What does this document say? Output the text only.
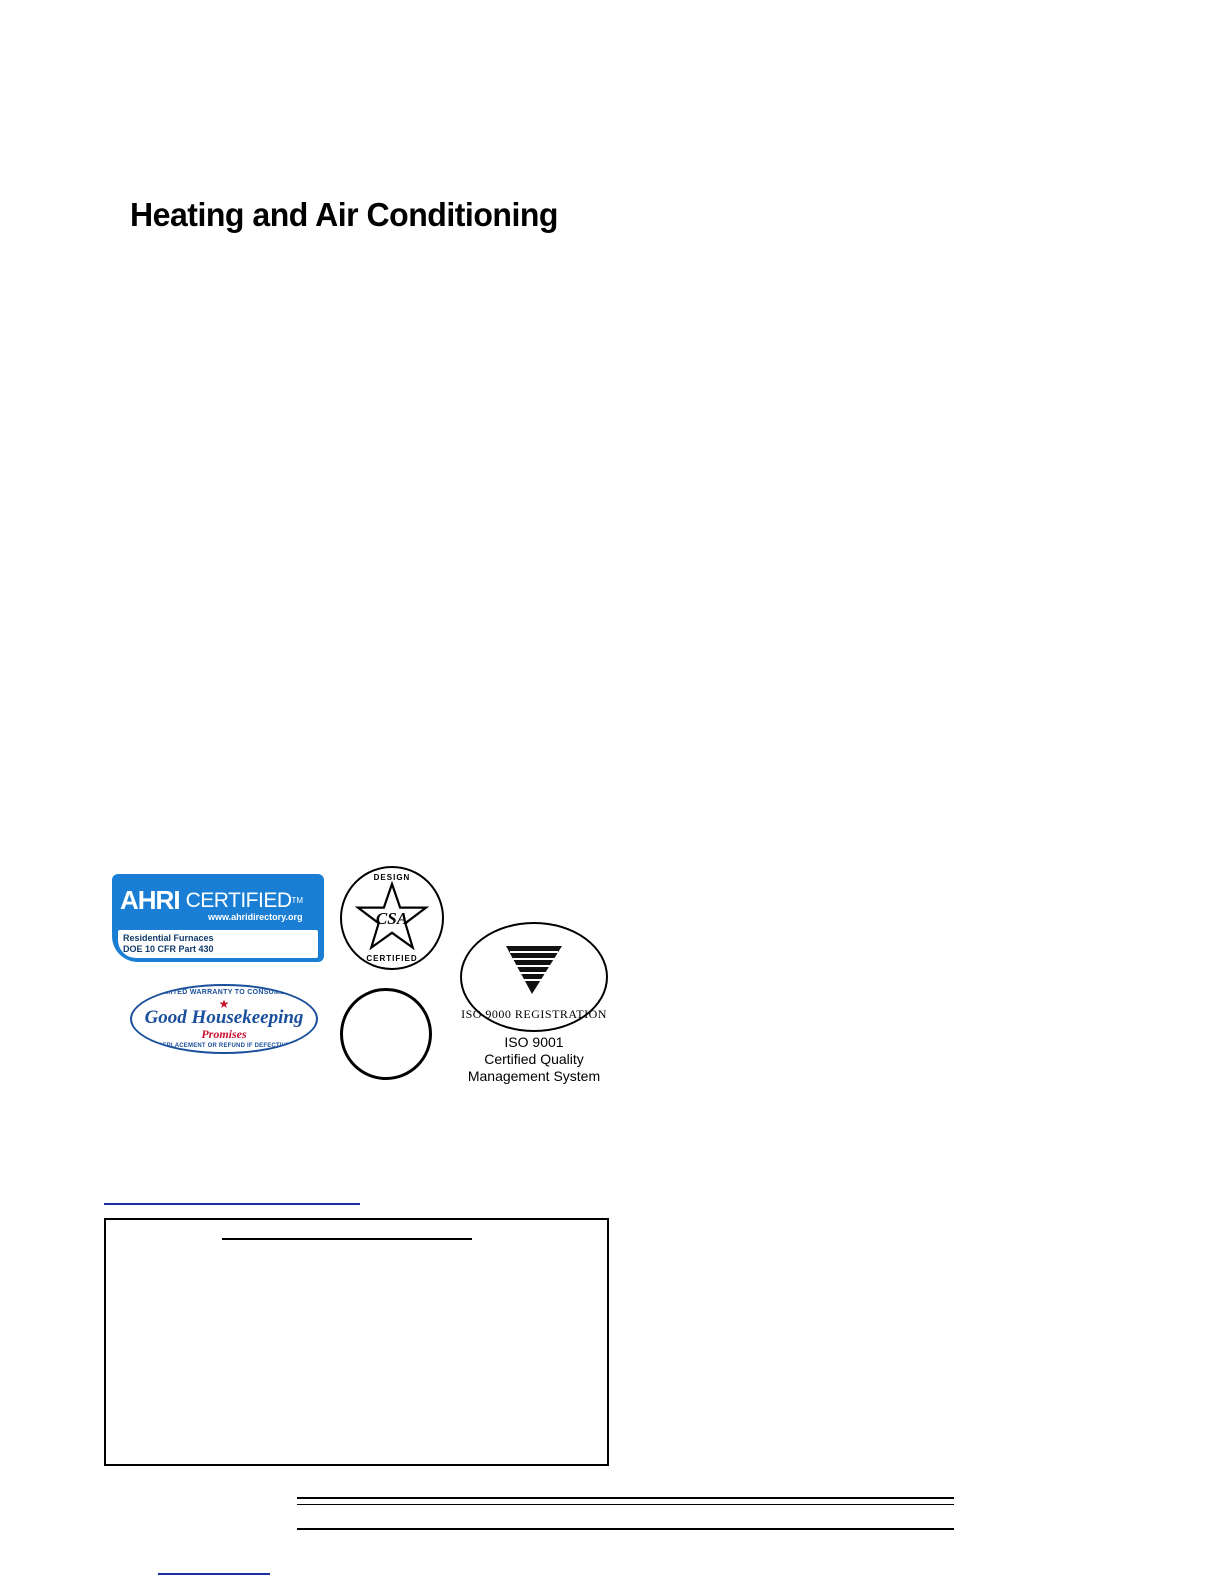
Heating and Air Conditioning
AHRI CERTIFIED TM
www.ahridirectory.org
Residential Furnaces
DOE 10 CFR Part 430
LIMITED WARRANTY TO CONSUMER
★
Good Housekeeping
Promises
REPLACEMENT OR REFUND IF DEFECTIVE
DESIGN
CERTIFIED
CSA
ISO 9000 REGISTRATION
ISO 9001
Certified Quality
Management System
